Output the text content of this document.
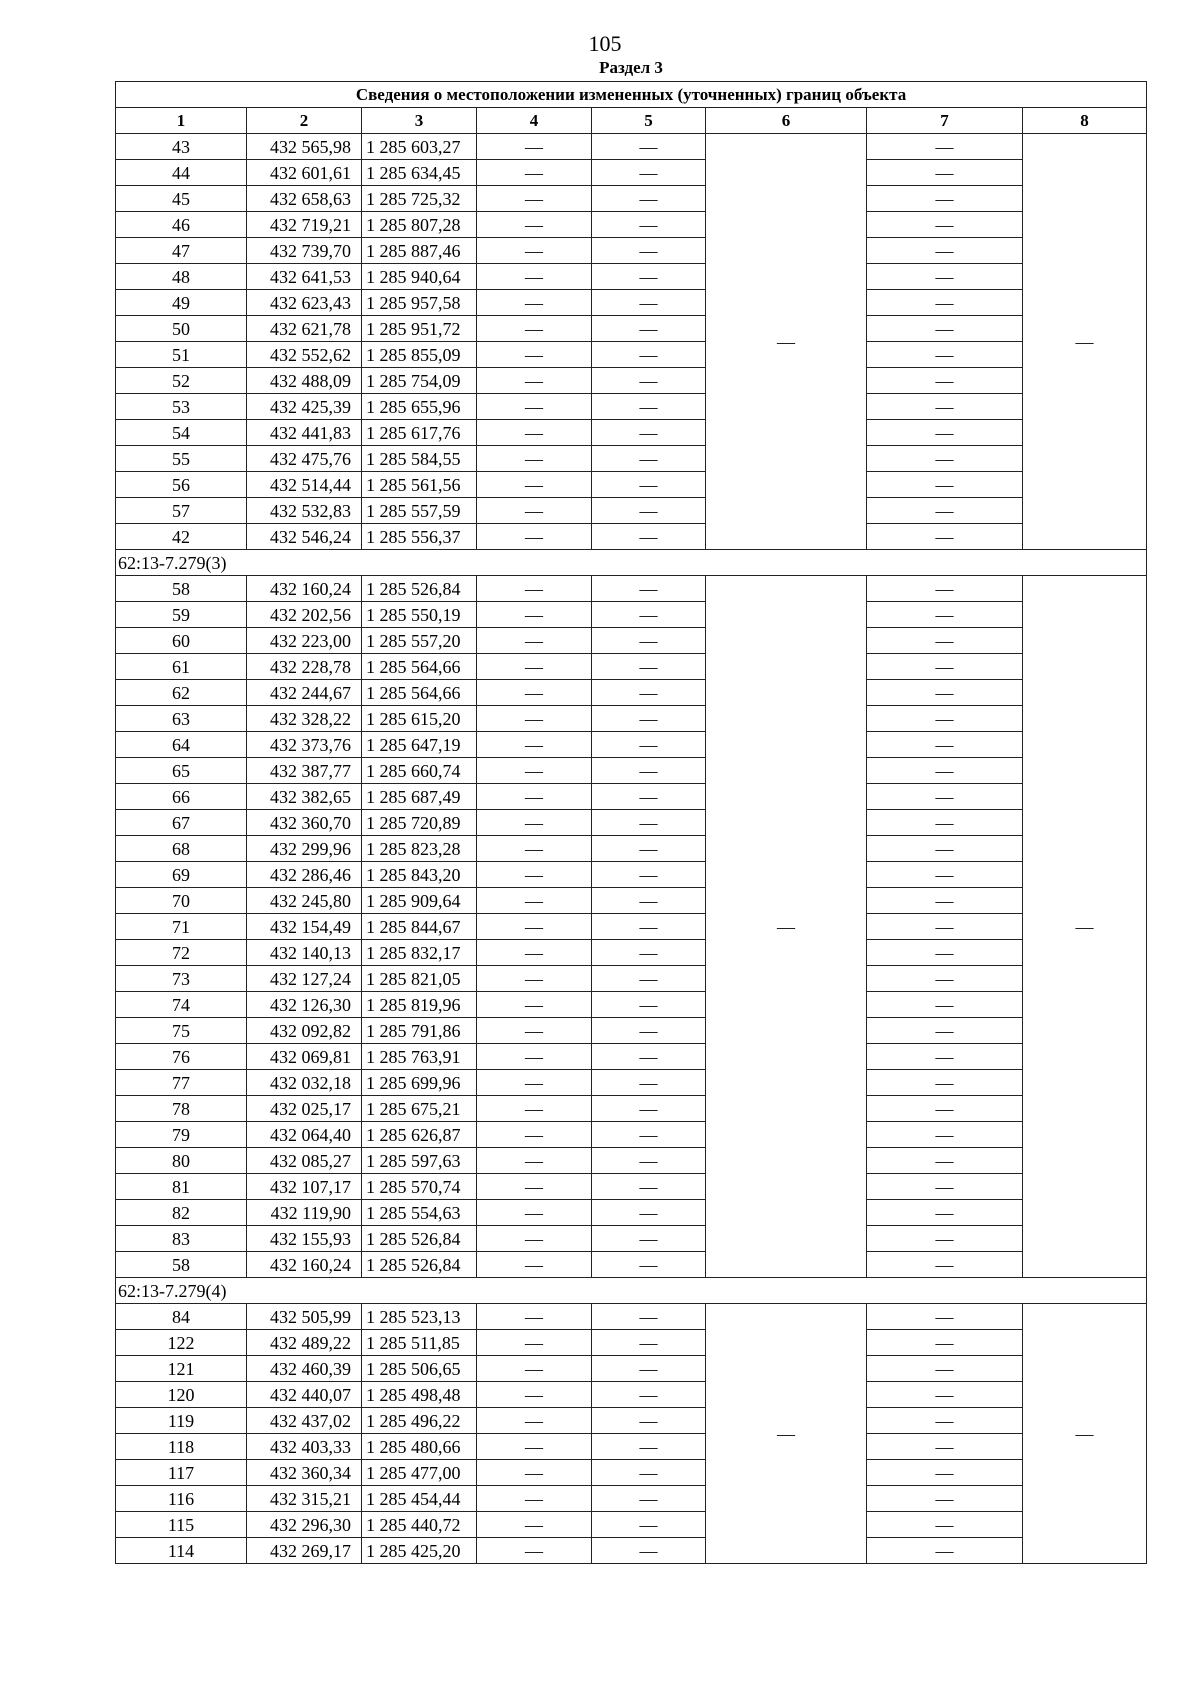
105
Раздел 3
Сведения о местоположении измененных (уточненных) границ объекта							
1	2	3	4	5	6	7	8
43	432 565,98	1 285 603,27	—	—	—	—	—
44	432 601,61	1 285 634,45	—	—		—	
45	432 658,63	1 285 725,32	—	—		—	
46	432 719,21	1 285 807,28	—	—		—	
47	432 739,70	1 285 887,46	—	—		—	
48	432 641,53	1 285 940,64	—	—		—	
49	432 623,43	1 285 957,58	—	—		—	
50	432 621,78	1 285 951,72	—	—		—	
51	432 552,62	1 285 855,09	—	—		—	
52	432 488,09	1 285 754,09	—	—		—	
53	432 425,39	1 285 655,96	—	—		—	
54	432 441,83	1 285 617,76	—	—		—	
55	432 475,76	1 285 584,55	—	—		—	
56	432 514,44	1 285 561,56	—	—		—	
57	432 532,83	1 285 557,59	—	—		—	
42	432 546,24	1 285 556,37	—	—		—	
62:13-7.279(3)							
58	432 160,24	1 285 526,84	—	—	—	—	—
59	432 202,56	1 285 550,19	—	—		—	
60	432 223,00	1 285 557,20	—	—		—	
61	432 228,78	1 285 564,66	—	—		—	
62	432 244,67	1 285 564,66	—	—		—	
63	432 328,22	1 285 615,20	—	—		—	
64	432 373,76	1 285 647,19	—	—		—	
65	432 387,77	1 285 660,74	—	—		—	
66	432 382,65	1 285 687,49	—	—		—	
67	432 360,70	1 285 720,89	—	—		—	
68	432 299,96	1 285 823,28	—	—		—	
69	432 286,46	1 285 843,20	—	—		—	
70	432 245,80	1 285 909,64	—	—		—	
71	432 154,49	1 285 844,67	—	—		—	
72	432 140,13	1 285 832,17	—	—		—	
73	432 127,24	1 285 821,05	—	—		—	
74	432 126,30	1 285 819,96	—	—		—	
75	432 092,82	1 285 791,86	—	—		—	
76	432 069,81	1 285 763,91	—	—		—	
77	432 032,18	1 285 699,96	—	—		—	
78	432 025,17	1 285 675,21	—	—		—	
79	432 064,40	1 285 626,87	—	—		—	
80	432 085,27	1 285 597,63	—	—		—	
81	432 107,17	1 285 570,74	—	—		—	
82	432 119,90	1 285 554,63	—	—		—	
83	432 155,93	1 285 526,84	—	—		—	
58	432 160,24	1 285 526,84	—	—		—	
62:13-7.279(4)							
84	432 505,99	1 285 523,13	—	—	—	—	—
122	432 489,22	1 285 511,85	—	—		—	
121	432 460,39	1 285 506,65	—	—		—	
120	432 440,07	1 285 498,48	—	—		—	
119	432 437,02	1 285 496,22	—	—		—	
118	432 403,33	1 285 480,66	—	—		—	
117	432 360,34	1 285 477,00	—	—		—	
116	432 315,21	1 285 454,44	—	—		—	
115	432 296,30	1 285 440,72	—	—		—	
114	432 269,17	1 285 425,20	—	—		—	
